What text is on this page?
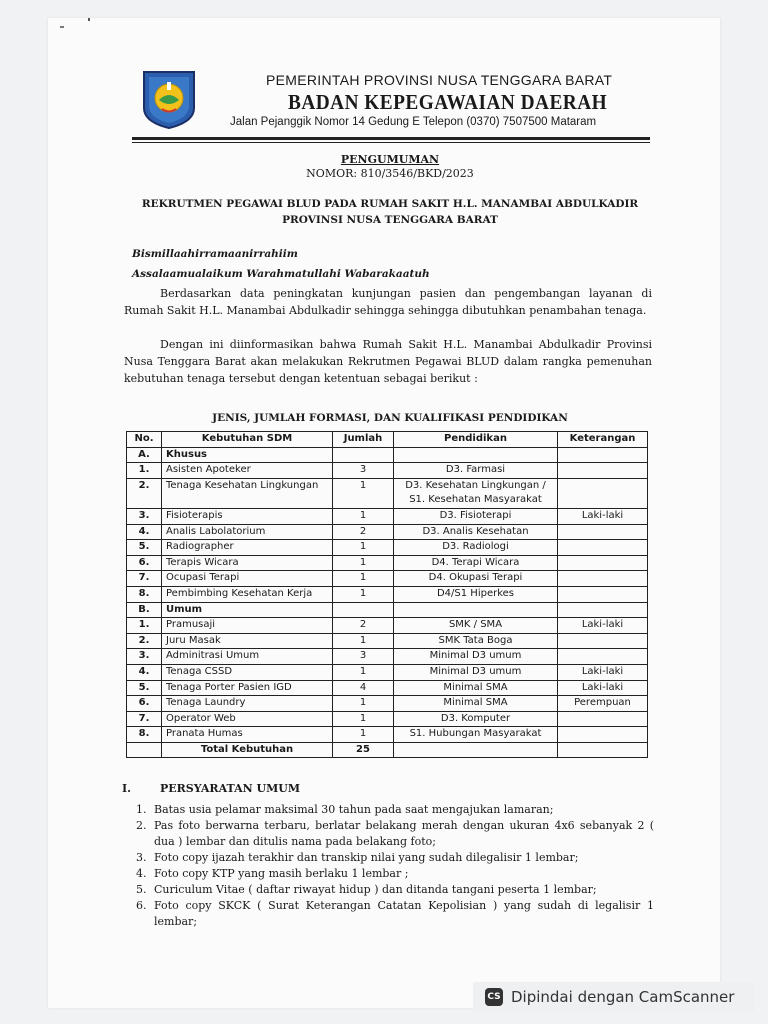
PEMERINTAH PROVINSI NUSA TENGGARA BARAT
BADAN KEPEGAWAIAN DAERAH
Jalan Pejanggik Nomor 14 Gedung E Telepon (0370) 7507500 Mataram
PENGUMUMAN
NOMOR: 810/3546/BKD/2023
REKRUTMEN PEGAWAI BLUD PADA RUMAH SAKIT H.L. MANAMBAI ABDULKADIR
PROVINSI NUSA TENGGARA BARAT
Bismillaahirramaanirrahiim
Assalaamualaikum Warahmatullahi Wabarakaatuh
Berdasarkan data peningkatan kunjungan pasien dan pengembangan layanan di Rumah Sakit H.L. Manambai Abdulkadir sehingga sehingga dibutuhkan penambahan tenaga.
Dengan ini diinformasikan bahwa Rumah Sakit H.L. Manambai Abdulkadir Provinsi Nusa Tenggara Barat akan melakukan Rekrutmen Pegawai BLUD dalam rangka pemenuhan kebutuhan tenaga tersebut dengan ketentuan sebagai berikut :
JENIS, JUMLAH FORMASI, DAN KUALIFIKASI PENDIDIKAN
No.	Kebutuhan SDM	Jumlah	Pendidikan	Keterangan
A.	Khusus			
1.	Asisten Apoteker	3	D3. Farmasi	
2.	Tenaga Kesehatan Lingkungan	1	D3. Kesehatan Lingkungan / S1. Kesehatan Masyarakat	
3.	Fisioterapis	1	D3. Fisioterapi	Laki-laki
4.	Analis Labolatorium	2	D3. Analis Kesehatan	
5.	Radiographer	1	D3. Radiologi	
6.	Terapis Wicara	1	D4. Terapi Wicara	
7.	Ocupasi Terapi	1	D4. Okupasi Terapi	
8.	Pembimbing Kesehatan Kerja	1	D4/S1 Hiperkes	
B.	Umum			
1.	Pramusaji	2	SMK / SMA	Laki-laki
2.	Juru Masak	1	SMK Tata Boga	
3.	Adminitrasi Umum	3	Minimal D3 umum	
4.	Tenaga CSSD	1	Minimal D3 umum	Laki-laki
5.	Tenaga Porter Pasien IGD	4	Minimal SMA	Laki-laki
6.	Tenaga Laundry	1	Minimal SMA	Perempuan
7.	Operator Web	1	D3. Komputer	
8.	Pranata Humas	1	S1. Hubungan Masyarakat	
	Total Kebutuhan	25		
I.	PERSYARATAN UMUM
1. Batas usia pelamar maksimal 30 tahun pada saat mengajukan lamaran;
2. Pas foto berwarna terbaru, berlatar belakang merah dengan ukuran 4x6 sebanyak 2 ( dua ) lembar dan ditulis nama pada belakang foto;
3. Foto copy ijazah terakhir dan transkip nilai yang sudah dilegalisir 1 lembar;
4. Foto copy KTP yang masih berlaku 1 lembar ;
5. Curiculum Vitae ( daftar riwayat hidup ) dan ditanda tangani peserta 1 lembar;
6. Foto copy SKCK ( Surat Keterangan Catatan Kepolisian ) yang sudah di legalisir 1 lembar;
CS Dipindai dengan CamScanner
